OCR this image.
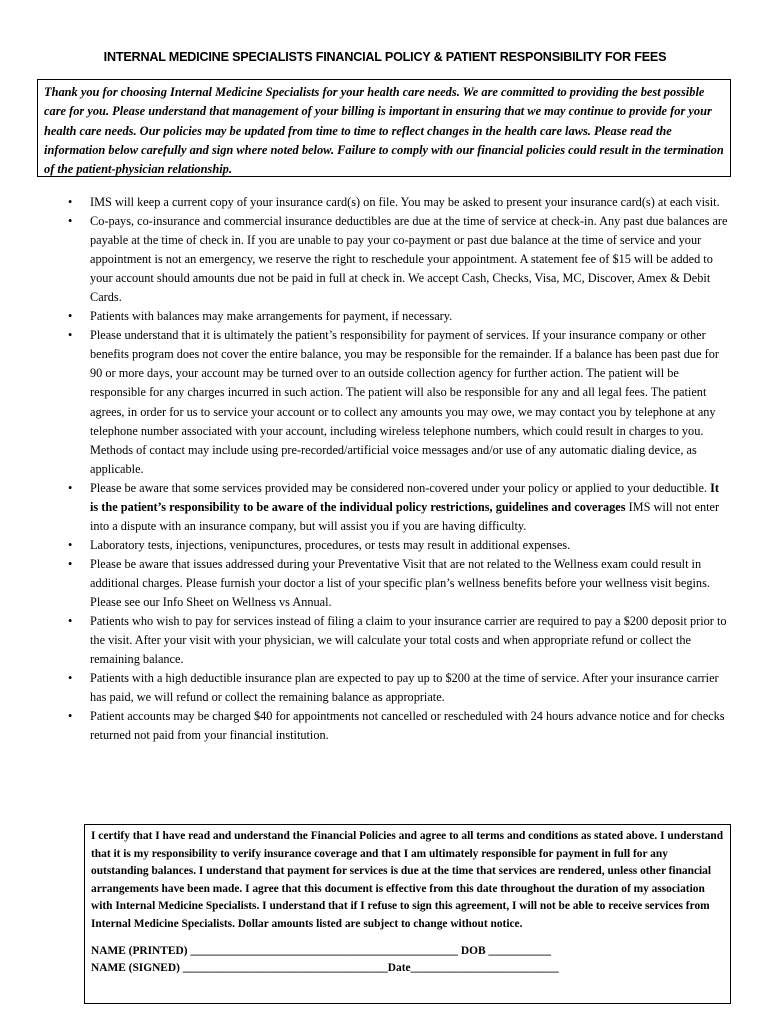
INTERNAL MEDICINE SPECIALISTS FINANCIAL POLICY & PATIENT RESPONSIBILITY FOR FEES
Thank you for choosing Internal Medicine Specialists for your health care needs. We are committed to providing the best possible care for you. Please understand that management of your billing is important in ensuring that we may continue to provide for your health care needs. Our policies may be updated from time to time to reflect changes in the health care laws. Please read the information below carefully and sign where noted below. Failure to comply with our financial policies could result in the termination of the patient-physician relationship.
• IMS will keep a current copy of your insurance card(s) on file. You may be asked to present your insurance card(s) at each visit.
• Co-pays, co-insurance and commercial insurance deductibles are due at the time of service at check-in. Any past due balances are payable at the time of check in. If you are unable to pay your co-payment or past due balance at the time of service and your appointment is not an emergency, we reserve the right to reschedule your appointment. A statement fee of $15 will be added to your account should amounts due not be paid in full at check in. We accept Cash, Checks, Visa, MC, Discover, Amex & Debit Cards.
• Patients with balances may make arrangements for payment, if necessary.
• Please understand that it is ultimately the patient’s responsibility for payment of services. If your insurance company or other benefits program does not cover the entire balance, you may be responsible for the remainder. If a balance has been past due for 90 or more days, your account may be turned over to an outside collection agency for further action. The patient will be responsible for any charges incurred in such action. The patient will also be responsible for any and all legal fees. The patient agrees, in order for us to service your account or to collect any amounts you may owe, we may contact you by telephone at any telephone number associated with your account, including wireless telephone numbers, which could result in charges to you. Methods of contact may include using pre-recorded/artificial voice messages and/or use of any automatic dialing device, as applicable.
• Please be aware that some services provided may be considered non-covered under your policy or applied to your deductible. It is the patient’s responsibility to be aware of the individual policy restrictions, guidelines and coverages IMS will not enter into a dispute with an insurance company, but will assist you if you are having difficulty.
• Laboratory tests, injections, venipunctures, procedures, or tests may result in additional expenses.
• Please be aware that issues addressed during your Preventative Visit that are not related to the Wellness exam could result in additional charges. Please furnish your doctor a list of your specific plan’s wellness benefits before your wellness visit begins. Please see our Info Sheet on Wellness vs Annual.
• Patients who wish to pay for services instead of filing a claim to your insurance carrier are required to pay a $200 deposit prior to the visit. After your visit with your physician, we will calculate your total costs and when appropriate refund or collect the remaining balance.
• Patients with a high deductible insurance plan are expected to pay up to $200 at the time of service. After your insurance carrier has paid, we will refund or collect the remaining balance as appropriate.
• Patient accounts may be charged $40 for appointments not cancelled or rescheduled with 24 hours advance notice and for checks returned not paid from your financial institution.
I certify that I have read and understand the Financial Policies and agree to all terms and conditions as stated above. I understand that it is my responsibility to verify insurance coverage and that I am ultimately responsible for payment in full for any outstanding balances. I understand that payment for services is due at the time that services are rendered, unless other financial arrangements have been made. I agree that this document is effective from this date throughout the duration of my association with Internal Medicine Specialists. I understand that if I refuse to sign this agreement, I will not be able to receive services from Internal Medicine Specialists. Dollar amounts listed are subject to change without notice.
NAME (PRINTED) _______________________________________________ DOB ___________
NAME (SIGNED) ____________________________________Date__________________________
